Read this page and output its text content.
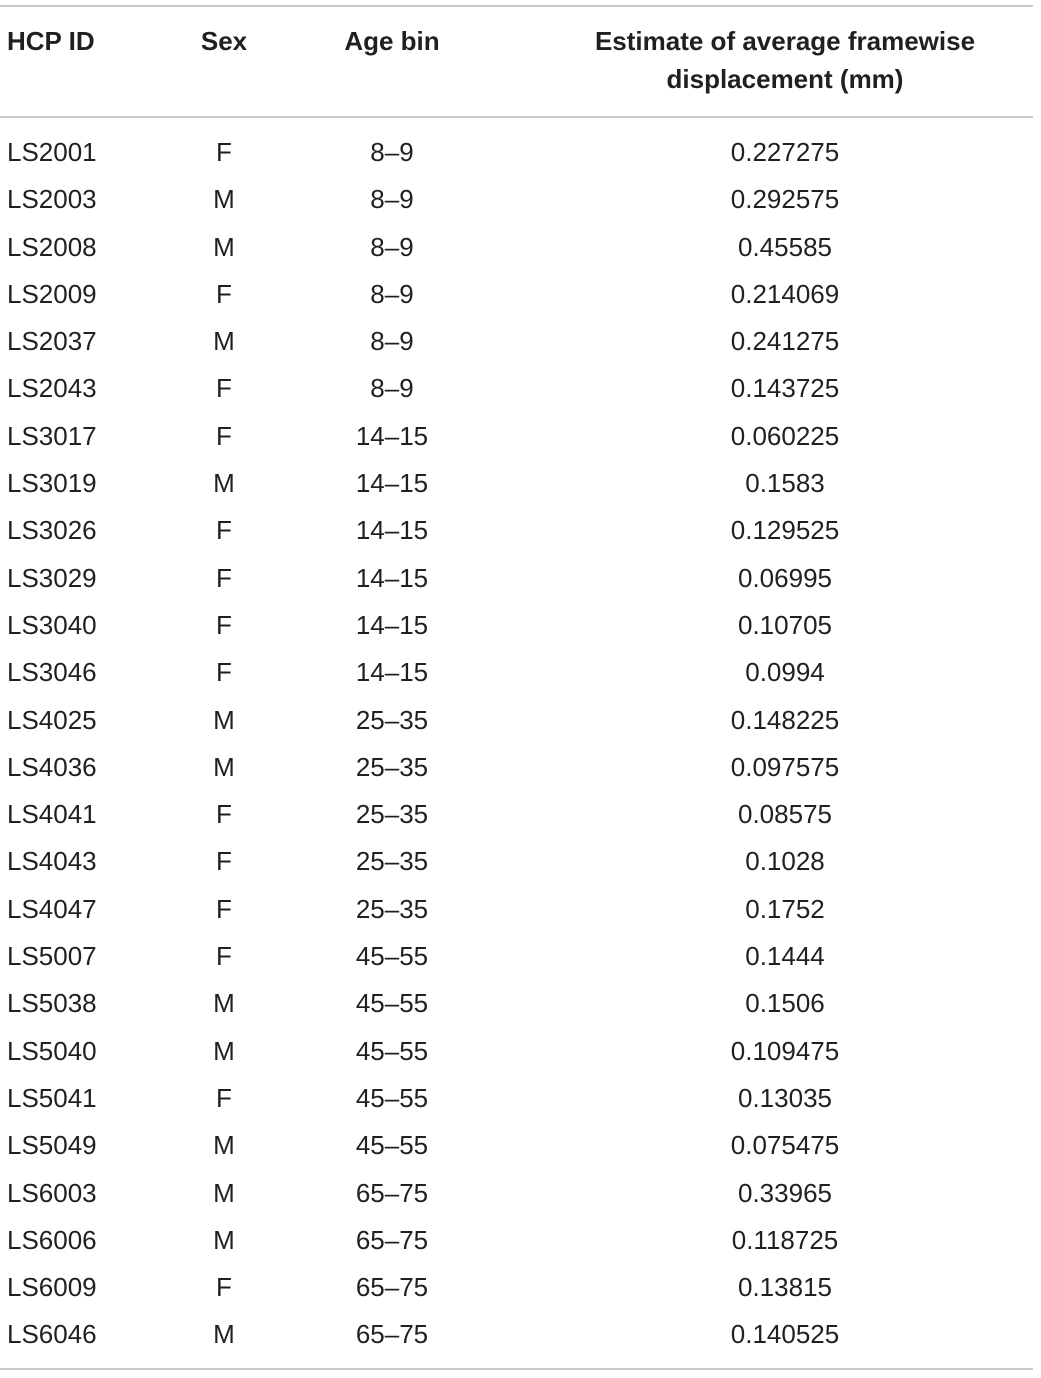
HCP ID	Sex	Age bin	Estimate of average framewise
displacement (mm)
LS2001	F	8–9	0.227275
LS2003	M	8–9	0.292575
LS2008	M	8–9	0.45585
LS2009	F	8–9	0.214069
LS2037	M	8–9	0.241275
LS2043	F	8–9	0.143725
LS3017	F	14–15	0.060225
LS3019	M	14–15	0.1583
LS3026	F	14–15	0.129525
LS3029	F	14–15	0.06995
LS3040	F	14–15	0.10705
LS3046	F	14–15	0.0994
LS4025	M	25–35	0.148225
LS4036	M	25–35	0.097575
LS4041	F	25–35	0.08575
LS4043	F	25–35	0.1028
LS4047	F	25–35	0.1752
LS5007	F	45–55	0.1444
LS5038	M	45–55	0.1506
LS5040	M	45–55	0.109475
LS5041	F	45–55	0.13035
LS5049	M	45–55	0.075475
LS6003	M	65–75	0.33965
LS6006	M	65–75	0.118725
LS6009	F	65–75	0.13815
LS6046	M	65–75	0.140525
